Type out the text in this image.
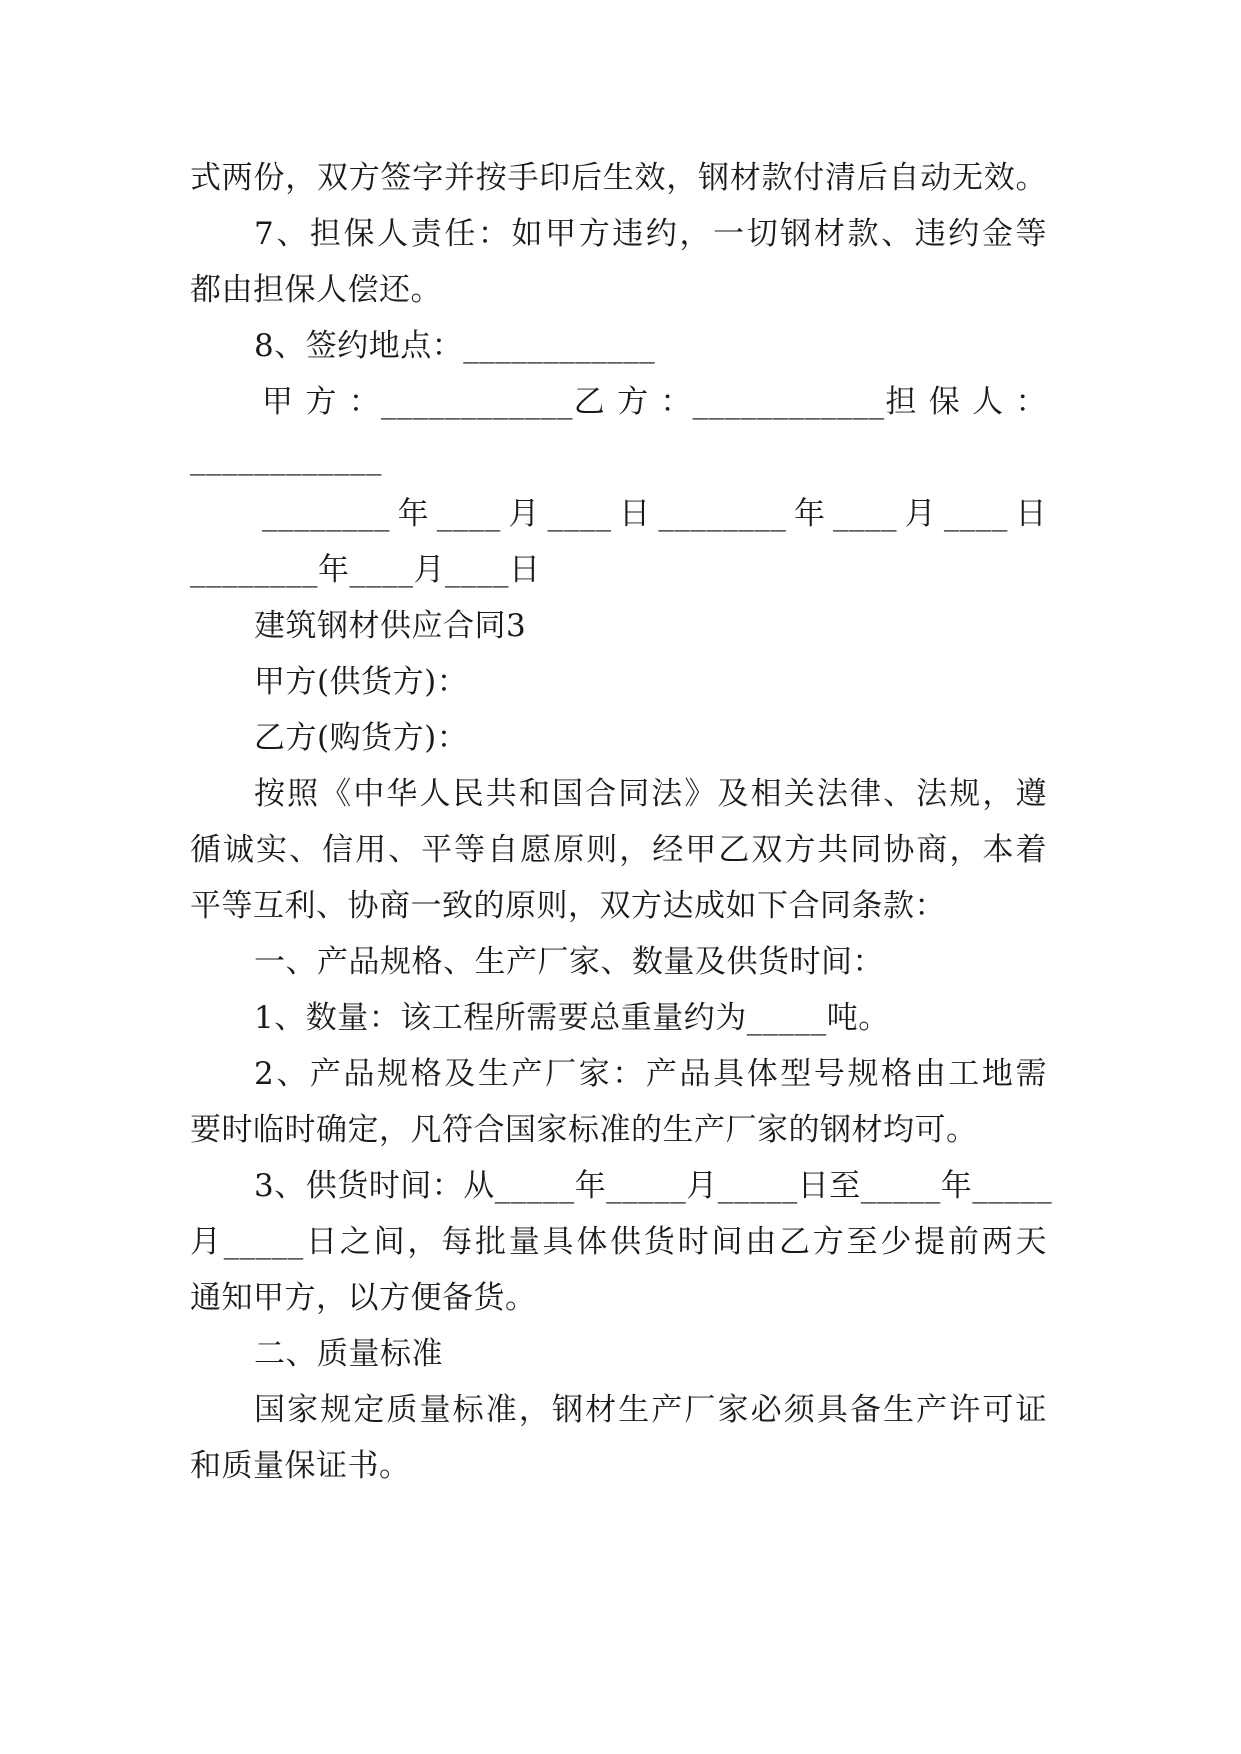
式两份，双方签字并按手印后生效，钢材款付清后自动无效。
7、担保人责任：如甲方违约，一切钢材款、违约金等
都由担保人偿还。
8、签约地点：____________
甲 方 ：____________乙 方 ：____________担 保 人 ：
____________
________年____月____日________年____月____日
________年____月____日
建筑钢材供应合同3
甲方(供货方)：
乙方(购货方)：
按照《中华人民共和国合同法》及相关法律、法规，遵
循诚实、信用、平等自愿原则，经甲乙双方共同协商，本着
平等互利、协商一致的原则，双方达成如下合同条款：
一、产品规格、生产厂家、数量及供货时间：
1、数量：该工程所需要总重量约为_____吨。
2、产品规格及生产厂家：产品具体型号规格由工地需
要时临时确定，凡符合国家标准的生产厂家的钢材均可。
3、供货时间：从_____年_____月_____日至_____年_____
月_____日之间，每批量具体供货时间由乙方至少提前两天
通知甲方，以方便备货。
二、质量标准
国家规定质量标准，钢材生产厂家必须具备生产许可证
和质量保证书。
